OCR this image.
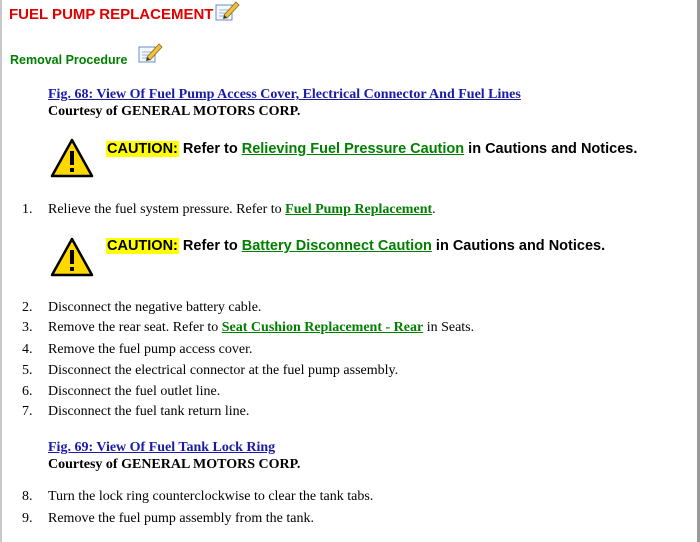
FUEL PUMP REPLACEMENT
Removal Procedure
Fig. 68: View Of Fuel Pump Access Cover, Electrical Connector And Fuel Lines
Courtesy of GENERAL MOTORS CORP.
CAUTION: Refer to Relieving Fuel Pressure Caution in Cautions and Notices.
1. Relieve the fuel system pressure. Refer to Fuel Pump Replacement.
CAUTION: Refer to Battery Disconnect Caution in Cautions and Notices.
2. Disconnect the negative battery cable.
3. Remove the rear seat. Refer to Seat Cushion Replacement - Rear in Seats.
4. Remove the fuel pump access cover.
5. Disconnect the electrical connector at the fuel pump assembly.
6. Disconnect the fuel outlet line.
7. Disconnect the fuel tank return line.
Fig. 69: View Of Fuel Tank Lock Ring
Courtesy of GENERAL MOTORS CORP.
8. Turn the lock ring counterclockwise to clear the tank tabs.
9. Remove the fuel pump assembly from the tank.
